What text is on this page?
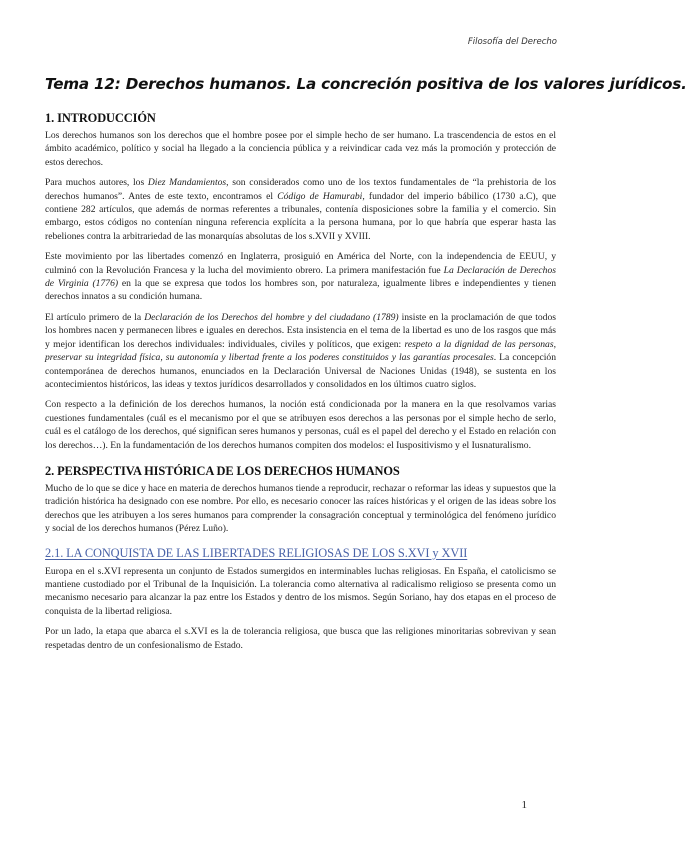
Filosofía del Derecho
Tema 12: Derechos humanos. La concreción positiva de los valores jurídicos.
1. INTRODUCCIÓN

Los derechos humanos son los derechos que el hombre posee por el simple hecho de ser humano. La trascendencia de estos en el ámbito académico, político y social ha llegado a la conciencia pública y a reivindicar cada vez más la promoción y protección de estos derechos.

Para muchos autores, los Diez Mandamientos, son considerados como uno de los textos fundamentales de “la prehistoria de los derechos humanos”. Antes de este texto, encontramos el Código de Hamurabi, fundador del imperio bábilico (1730 a.C), que contiene 282 artículos, que además de normas referentes a tribunales, contenía disposiciones sobre la familia y el comercio. Sin embargo, estos códigos no contenían ninguna referencia explícita a la persona humana, por lo que habría que esperar hasta las rebeliones contra la arbitrariedad de las monarquías absolutas de los s.XVII y XVIII.

Este movimiento por las libertades comenzó en Inglaterra, prosiguió en América del Norte, con la independencia de EEUU, y culminó con la Revolución Francesa y la lucha del movimiento obrero. La primera manifestación fue La Declaración de Derechos de Virginia (1776) en la que se expresa que todos los hombres son, por naturaleza, igualmente libres e independientes y tienen derechos innatos a su condición humana.

El artículo primero de la Declaración de los Derechos del hombre y del ciudadano (1789) insiste en la proclamación de que todos los hombres nacen y permanecen libres e iguales en derechos. Esta insistencia en el tema de la libertad es uno de los rasgos que más y mejor identifican los derechos individuales: individuales, civiles y políticos, que exigen: respeto a la dignidad de las personas, preservar su integridad física, su autonomía y libertad frente a los poderes constituidos y las garantías procesales. La concepción contemporánea de derechos humanos, enunciados en la Declaración Universal de Naciones Unidas (1948), se sustenta en los acontecimientos históricos, las ideas y textos jurídicos desarrollados y consolidados en los últimos cuatro siglos.

Con respecto a la definición de los derechos humanos, la noción está condicionada por la manera en la que resolvamos varias cuestiones fundamentales (cuál es el mecanismo por el que se atribuyen esos derechos a las personas por el simple hecho de serlo, cuál es el catálogo de los derechos, qué significan seres humanos y personas, cuál es el papel del derecho y el Estado en relación con los derechos…). En la fundamentación de los derechos humanos compiten dos modelos: el Iuspositivismo y el Iusnaturalismo.

2. PERSPECTIVA HISTÓRICA DE LOS DERECHOS HUMANOS

Mucho de lo que se dice y hace en materia de derechos humanos tiende a reproducir, rechazar o reformar las ideas y supuestos que la tradición histórica ha designado con ese nombre. Por ello, es necesario conocer las raíces históricas y el origen de las ideas sobre los derechos que les atribuyen a los seres humanos para comprender la consagración conceptual y terminológica del fenómeno jurídico y social de los derechos humanos (Pérez Luño).

2.1. LA CONQUISTA DE LAS LIBERTADES RELIGIOSAS DE LOS S.XVI y XVII

Europa en el s.XVI representa un conjunto de Estados sumergidos en interminables luchas religiosas. En España, el catolicismo se mantiene custodiado por el Tribunal de la Inquisición. La tolerancia como alternativa al radicalismo religioso se presenta como un mecanismo necesario para alcanzar la paz entre los Estados y dentro de los mismos. Según Soriano, hay dos etapas en el proceso de conquista de la libertad religiosa.

Por un lado, la etapa que abarca el s.XVI es la de tolerancia religiosa, que busca que las religiones minoritarias sobrevivan y sean respetadas dentro de un confesionalismo de Estado.

1
